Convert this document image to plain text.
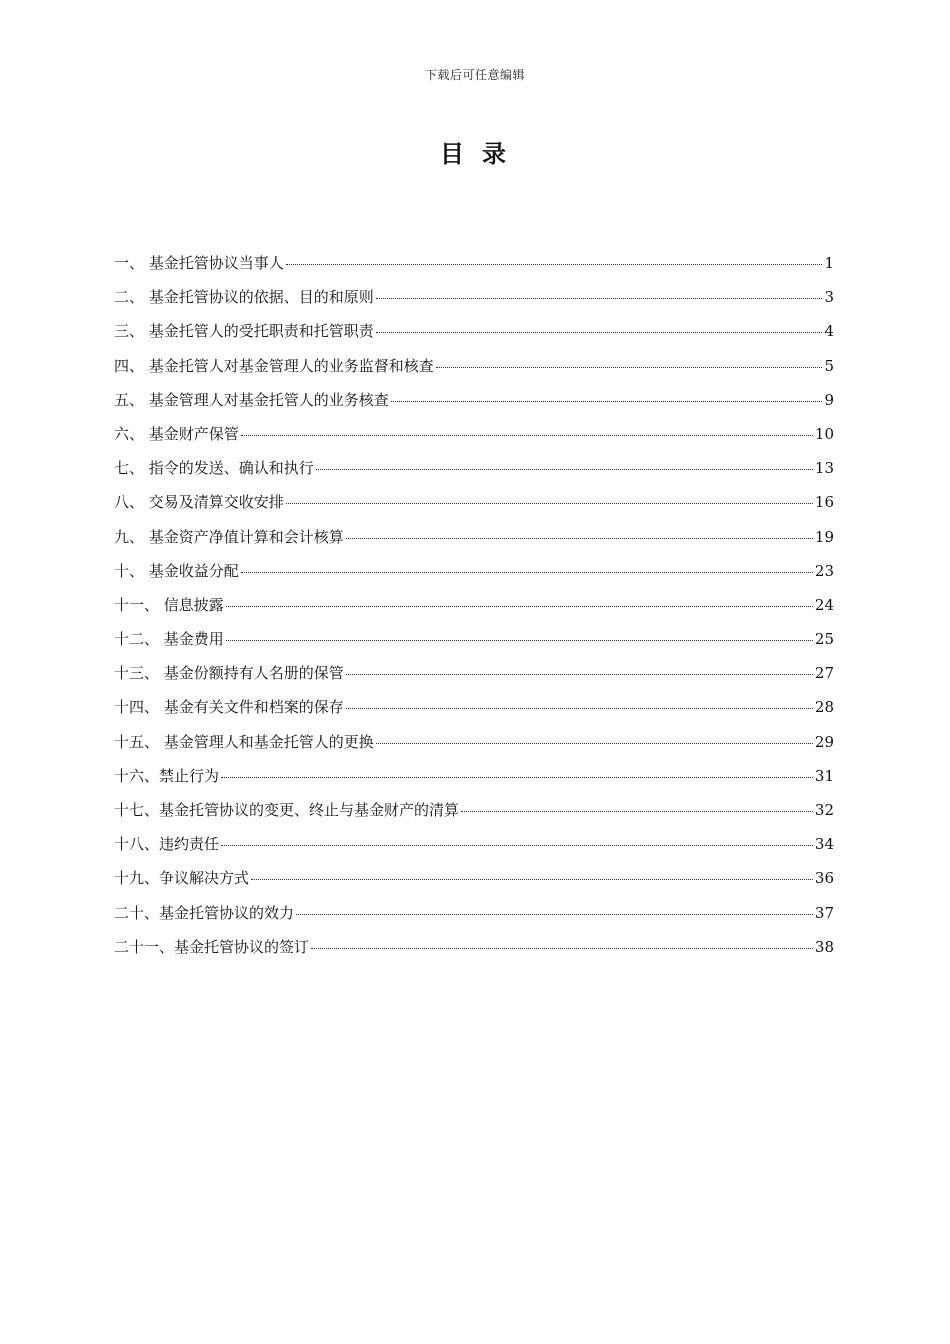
下载后可任意编辑
目录
一、 基金托管协议当事人	1
二、 基金托管协议的依据、目的和原则	3
三、 基金托管人的受托职责和托管职责	4
四、 基金托管人对基金管理人的业务监督和核查	5
五、 基金管理人对基金托管人的业务核查	9
六、 基金财产保管	10
七、 指令的发送、确认和执行	13
八、 交易及清算交收安排	16
九、 基金资产净值计算和会计核算	19
十、 基金收益分配	23
十一、 信息披露	24
十二、 基金费用	25
十三、 基金份额持有人名册的保管	27
十四、 基金有关文件和档案的保存	28
十五、 基金管理人和基金托管人的更换	29
十六、 禁止行为	31
十七、 基金托管协议的变更、终止与基金财产的清算	32
十八、 违约责任	34
十九、 争议解决方式	36
二十、 基金托管协议的效力	37
二十一、 基金托管协议的签订	38
